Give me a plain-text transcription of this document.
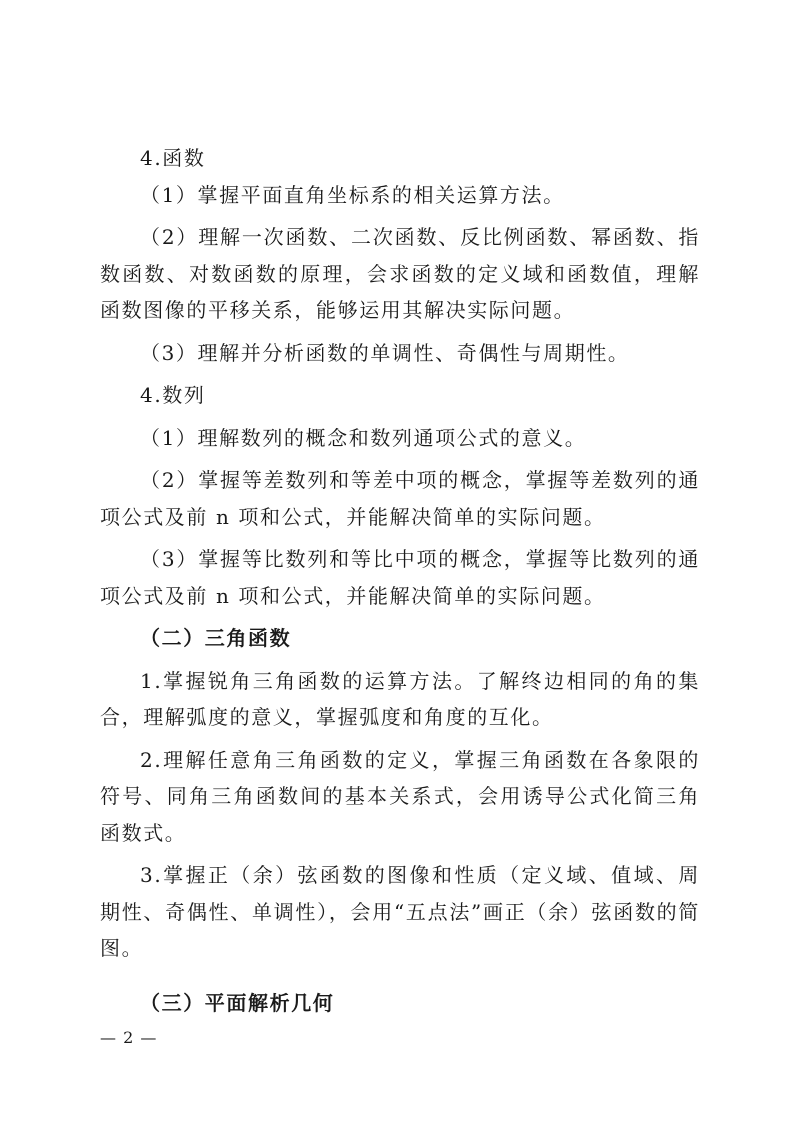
4.函数

（1）掌握平面直角坐标系的相关运算方法。

（2）理解一次函数、二次函数、反比例函数、幂函数、指数函数、对数函数的原理，会求函数的定义域和函数值，理解函数图像的平移关系，能够运用其解决实际问题。

（3）理解并分析函数的单调性、奇偶性与周期性。

4.数列

（1）理解数列的概念和数列通项公式的意义。

（2）掌握等差数列和等差中项的概念，掌握等差数列的通项公式及前 n 项和公式，并能解决简单的实际问题。

（3）掌握等比数列和等比中项的概念，掌握等比数列的通项公式及前 n 项和公式，并能解决简单的实际问题。

（二）三角函数

1.掌握锐角三角函数的运算方法。了解终边相同的角的集合，理解弧度的意义，掌握弧度和角度的互化。

2.理解任意角三角函数的定义，掌握三角函数在各象限的符号、同角三角函数间的基本关系式，会用诱导公式化简三角函数式。

3.掌握正（余）弦函数的图像和性质（定义域、值域、周期性、奇偶性、单调性），会用“五点法”画正（余）弦函数的简图。

（三）平面解析几何

— 2 —
